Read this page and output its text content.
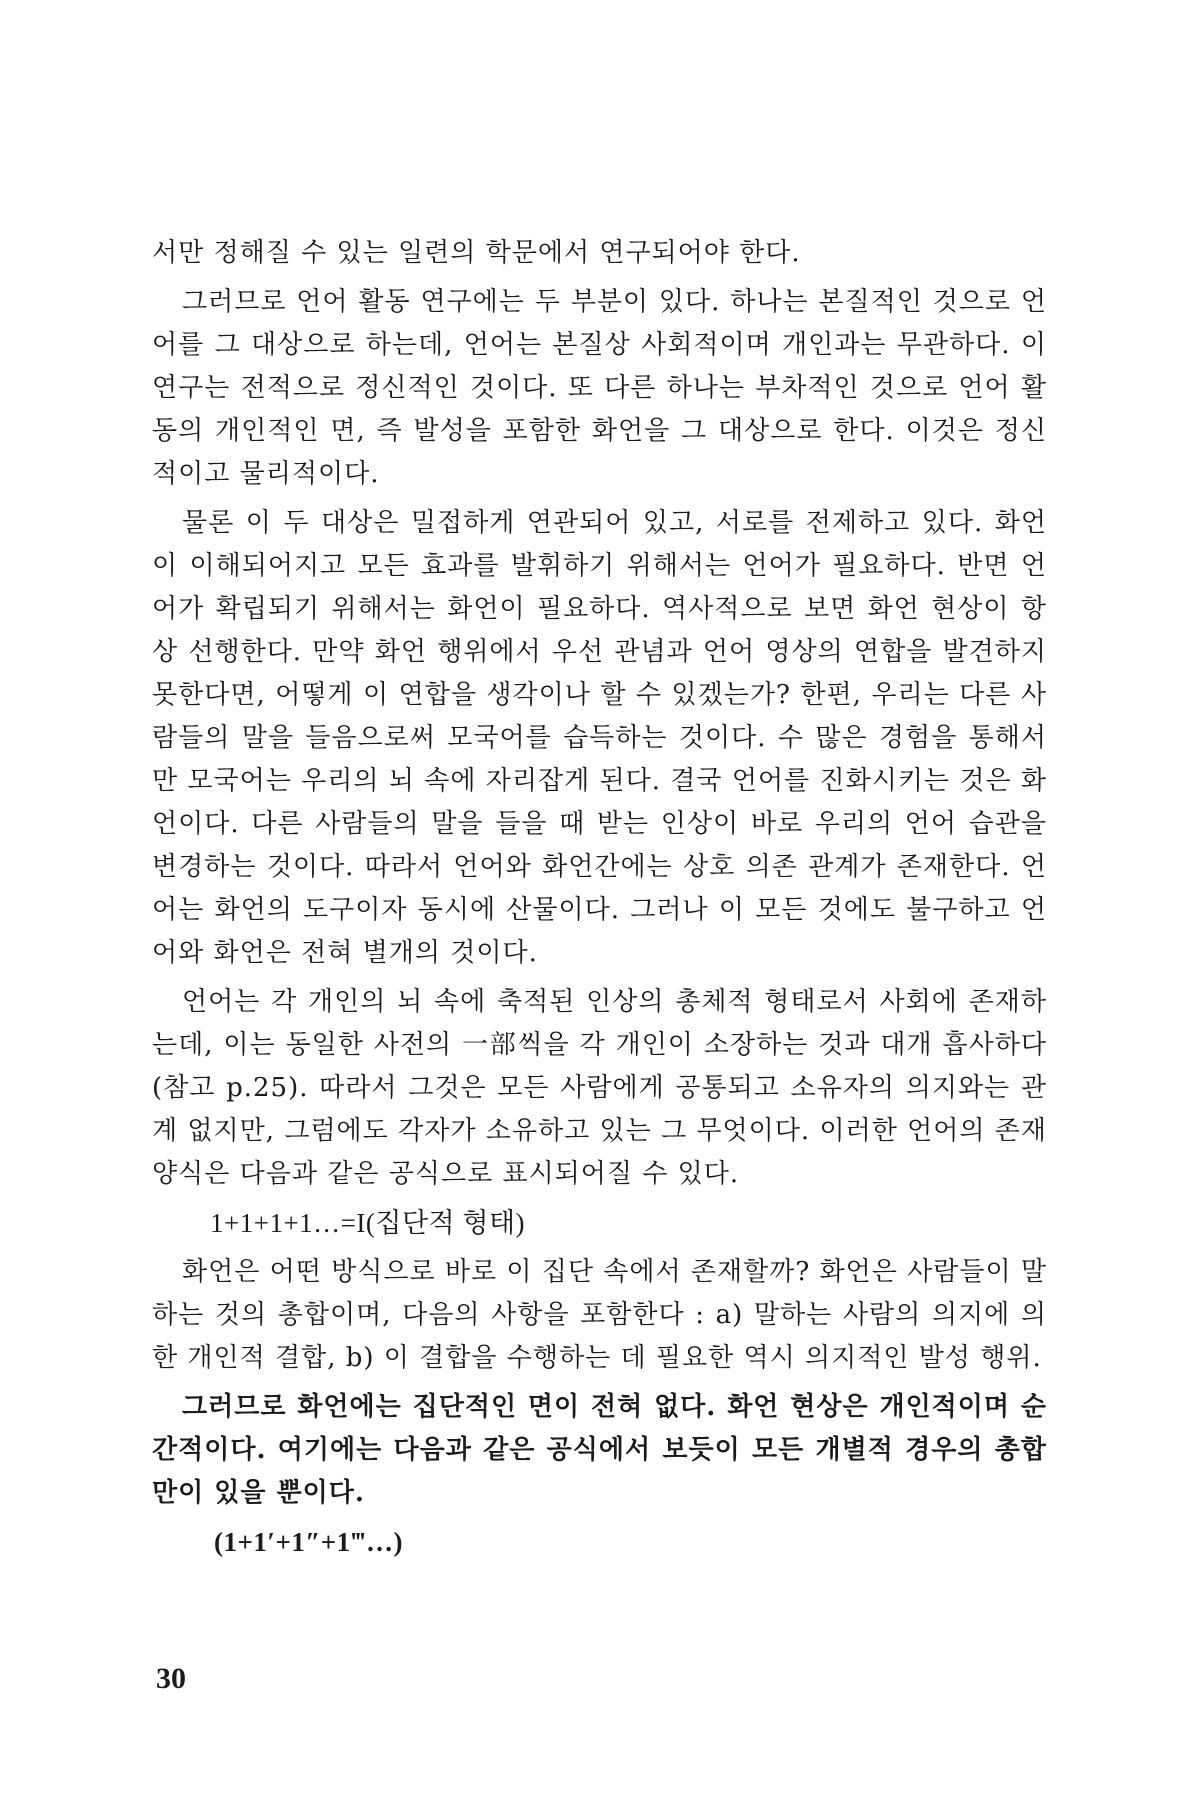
서만 정해질 수 있는 일련의 학문에서 연구되어야 한다.

그러므로 언어 활동 연구에는 두 부분이 있다. 하나는 본질적인 것으로 언어를 그 대상으로 하는데, 언어는 본질상 사회적이며 개인과는 무관하다. 이 연구는 전적으로 정신적인 것이다. 또 다른 하나는 부차적인 것으로 언어 활동의 개인적인 면, 즉 발성을 포함한 화언을 그 대상으로 한다. 이것은 정신적이고 물리적이다.

물론 이 두 대상은 밀접하게 연관되어 있고, 서로를 전제하고 있다. 화언이 이해되어지고 모든 효과를 발휘하기 위해서는 언어가 필요하다. 반면 언어가 확립되기 위해서는 화언이 필요하다. 역사적으로 보면 화언 현상이 항상 선행한다. 만약 화언 행위에서 우선 관념과 언어 영상의 연합을 발견하지 못한다면, 어떻게 이 연합을 생각이나 할 수 있겠는가? 한편, 우리는 다른 사람들의 말을 들음으로써 모국어를 습득하는 것이다. 수 많은 경험을 통해서만 모국어는 우리의 뇌 속에 자리잡게 된다. 결국 언어를 진화시키는 것은 화언이다. 다른 사람들의 말을 들을 때 받는 인상이 바로 우리의 언어 습관을 변경하는 것이다. 따라서 언어와 화언간에는 상호 의존 관계가 존재한다. 언어는 화언의 도구이자 동시에 산물이다. 그러나 이 모든 것에도 불구하고 언어와 화언은 전혀 별개의 것이다.

언어는 각 개인의 뇌 속에 축적된 인상의 총체적 형태로서 사회에 존재하는데, 이는 동일한 사전의 一部씩을 각 개인이 소장하는 것과 대개 흡사하다(참고 p.25). 따라서 그것은 모든 사람에게 공통되고 소유자의 의지와는 관계 없지만, 그럼에도 각자가 소유하고 있는 그 무엇이다. 이러한 언어의 존재 양식은 다음과 같은 공식으로 표시되어질 수 있다.

1+1+1+1…=I(집단적 형태)

화언은 어떤 방식으로 바로 이 집단 속에서 존재할까? 화언은 사람들이 말하는 것의 총합이며, 다음의 사항을 포함한다 : a) 말하는 사람의 의지에 의한 개인적 결합, b) 이 결합을 수행하는 데 필요한 역시 의지적인 발성 행위.

그러므로 화언에는 집단적인 면이 전혀 없다. 화언 현상은 개인적이며 순간적이다. 여기에는 다음과 같은 공식에서 보듯이 모든 개별적 경우의 총합만이 있을 뿐이다.

(1+1′+1″+1‴…)
30
